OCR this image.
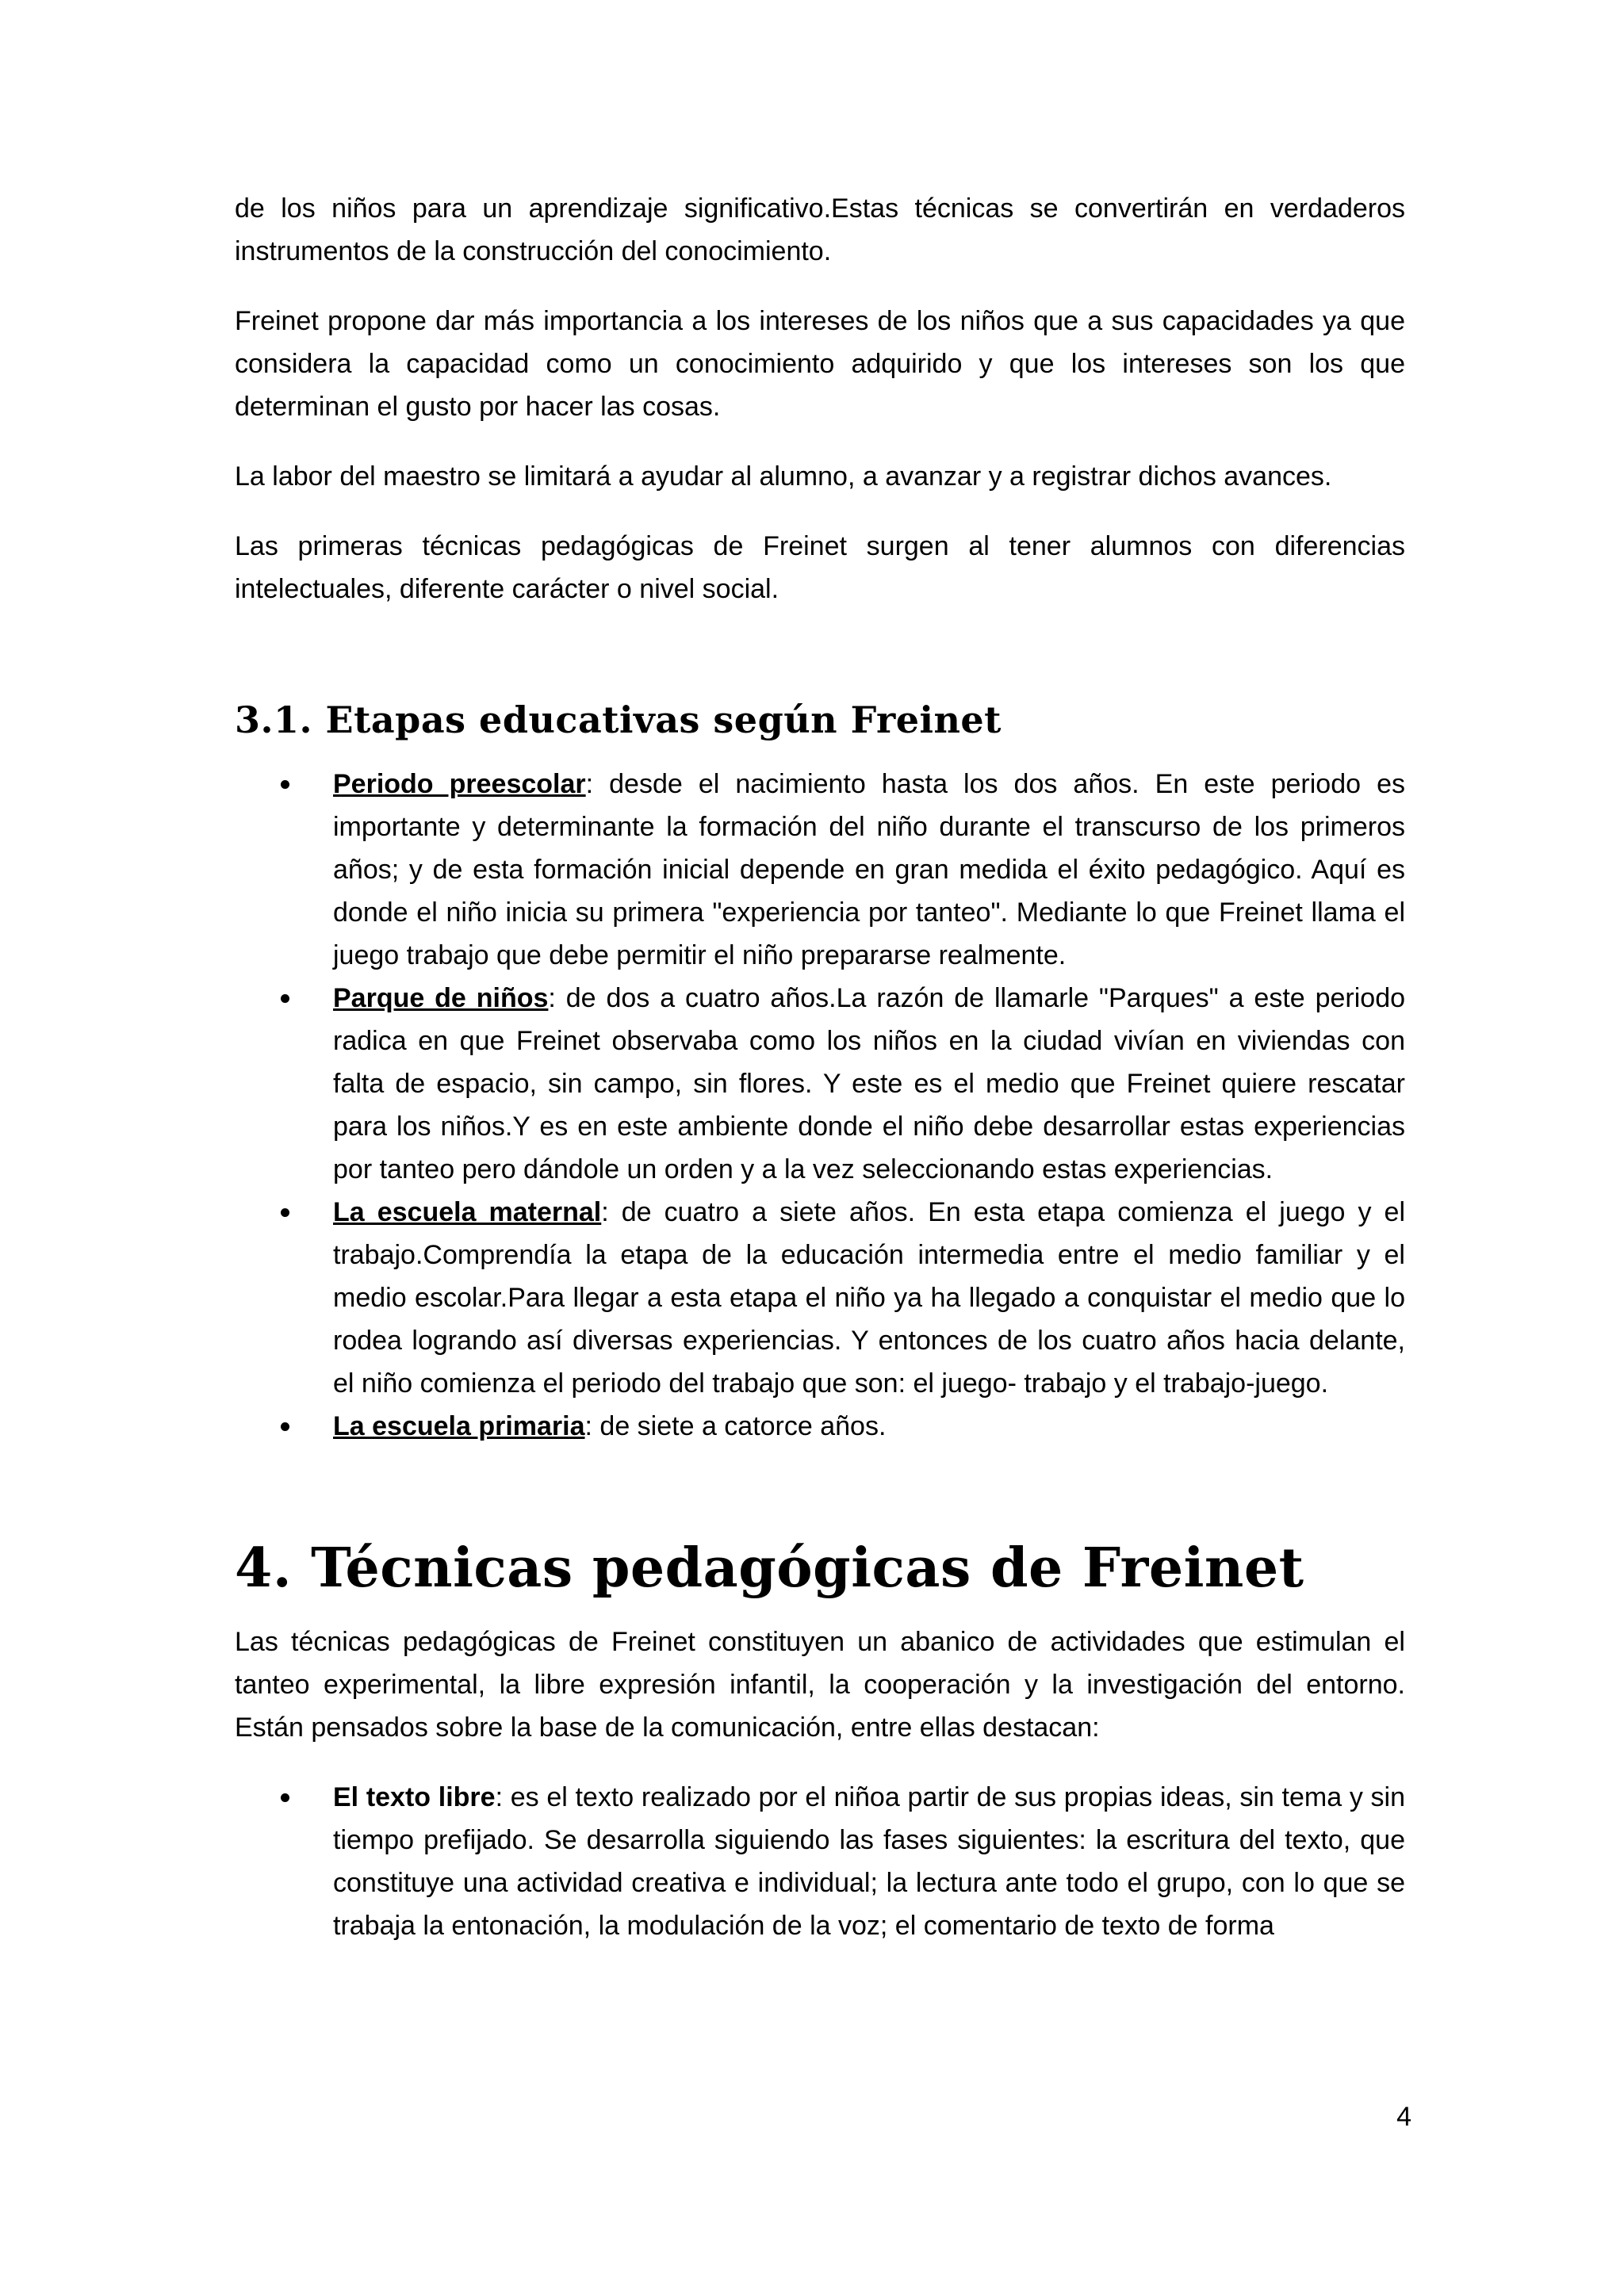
de los niños para un aprendizaje significativo.Estas técnicas se convertirán en verdaderos instrumentos de la construcción del conocimiento.

Freinet propone dar más importancia a los intereses de los niños que a sus capacidades ya que considera la capacidad como un conocimiento adquirido y que los intereses son los que determinan el gusto por hacer las cosas.

La labor del maestro se limitará a ayudar al alumno, a avanzar y a registrar dichos avances.

Las primeras técnicas pedagógicas de Freinet surgen al tener alumnos con diferencias intelectuales, diferente carácter o nivel social.

3.1. Etapas educativas según Freinet

Periodo preescolar: desde el nacimiento hasta los dos años. En este periodo es importante y determinante la formación del niño durante el transcurso de los primeros años; y de esta formación inicial depende en gran medida el éxito pedagógico. Aquí es donde el niño inicia su primera "experiencia por tanteo". Mediante lo que Freinet llama el juego trabajo que debe permitir el niño prepararse realmente.

Parque de niños: de dos a cuatro años.La razón de llamarle "Parques" a este periodo radica en que Freinet observaba como los niños en la ciudad vivían en viviendas con falta de espacio, sin campo, sin flores. Y este es el medio que Freinet quiere rescatar para los niños.Y es en este ambiente donde el niño debe desarrollar estas experiencias por tanteo pero dándole un orden y a la vez seleccionando estas experiencias.

La escuela maternal: de cuatro a siete años. En esta etapa comienza el juego y el trabajo.Comprendía la etapa de la educación intermedia entre el medio familiar y el medio escolar.Para llegar a esta etapa el niño ya ha llegado a conquistar el medio que lo rodea logrando así diversas experiencias. Y entonces de los cuatro años hacia delante, el niño comienza el periodo del trabajo que son: el juego- trabajo y el trabajo-juego.

La escuela primaria: de siete a catorce años.

4. Técnicas pedagógicas de Freinet

Las técnicas pedagógicas de Freinet constituyen un abanico de actividades que estimulan el tanteo experimental, la libre expresión infantil, la cooperación y la investigación del entorno. Están pensados sobre la base de la comunicación, entre ellas destacan:

El texto libre: es el texto realizado por el niñoa partir de sus propias ideas, sin tema y sin tiempo prefijado. Se desarrolla siguiendo las fases siguientes: la escritura del texto, que constituye una actividad creativa e individual; la lectura ante todo el grupo, con lo que se trabaja la entonación, la modulación de la voz; el comentario de texto de forma

4
